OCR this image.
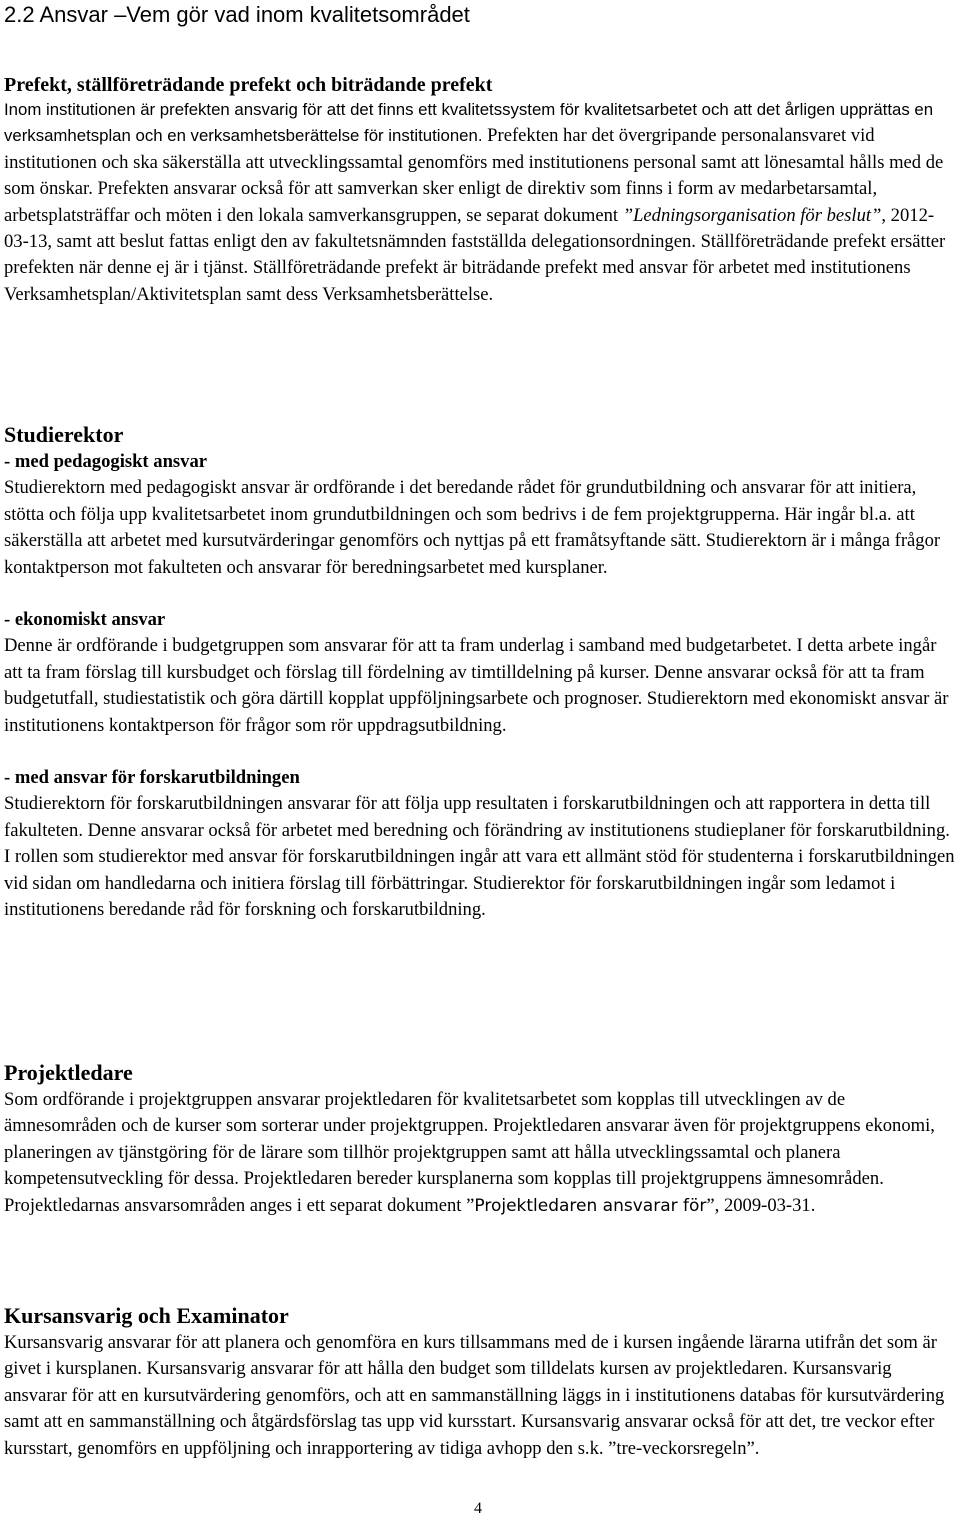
2.2 Ansvar –Vem gör vad inom kvalitetsområdet

Prefekt, ställföreträdande prefekt och biträdande prefekt

Inom institutionen är prefekten ansvarig för att det finns ett kvalitetssystem för kvalitetsarbetet och att det årligen upprättas en verksamhetsplan och en verksamhetsberättelse för institutionen. Prefekten har det övergripande personalansvaret vid institutionen och ska säkerställa att utvecklingssamtal genomförs med institutionens personal samt att lönesamtal hålls med de som önskar. Prefekten ansvarar också för att samverkan sker enligt de direktiv som finns i form av medarbetarsamtal, arbetsplatsträffar och möten i den lokala samverkansgruppen, se separat dokument ”Ledningsorganisation för beslut”, 2012-03-13, samt att beslut fattas enligt den av fakultetsnämnden fastställda delegationsordningen. Ställföreträdande prefekt ersätter prefekten när denne ej är i tjänst. Ställföreträdande prefekt är biträdande prefekt med ansvar för arbetet med institutionens Verksamhetsplan/Aktivitetsplan samt dess Verksamhetsberättelse.

Studierektor

- med pedagogiskt ansvar

Studierektorn med pedagogiskt ansvar är ordförande i det beredande rådet för grundutbildning och ansvarar för att initiera, stötta och följa upp kvalitetsarbetet inom grundutbildningen och som bedrivs i de fem projektgrupperna. Här ingår bl.a. att säkerställa att arbetet med kursutvärderingar genomförs och nyttjas på ett framåtsyftande sätt. Studierektorn är i många frågor kontaktperson mot fakulteten och ansvarar för beredningsarbetet med kursplaner.

- ekonomiskt ansvar

Denne är ordförande i budgetgruppen som ansvarar för att ta fram underlag i samband med budgetarbetet. I detta arbete ingår att ta fram förslag till kursbudget och förslag till fördelning av timtilldelning på kurser. Denne ansvarar också för att ta fram budgetutfall, studiestatistik och göra därtill kopplat uppföljningsarbete och prognoser. Studierektorn med ekonomiskt ansvar är institutionens kontaktperson för frågor som rör uppdragsutbildning.

- med ansvar för forskarutbildningen

Studierektorn för forskarutbildningen ansvarar för att följa upp resultaten i forskarutbildningen och att rapportera in detta till fakulteten. Denne ansvarar också för arbetet med beredning och förändring av institutionens studieplaner för forskarutbildning. I rollen som studierektor med ansvar för forskarutbildningen ingår att vara ett allmänt stöd för studenterna i forskarutbildningen vid sidan om handledarna och initiera förslag till förbättringar. Studierektor för forskarutbildningen ingår som ledamot i institutionens beredande råd för forskning och forskarutbildning.

Projektledare

Som ordförande i projektgruppen ansvarar projektledaren för kvalitetsarbetet som kopplas till utvecklingen av de ämnesområden och de kurser som sorterar under projektgruppen. Projektledaren ansvarar även för projektgruppens ekonomi, planeringen av tjänstgöring för de lärare som tillhör projektgruppen samt att hålla utvecklingssamtal och planera kompetensutveckling för dessa. Projektledaren bereder kursplanerna som kopplas till projektgruppens ämnesområden. Projektledarnas ansvarsområden anges i ett separat dokument ”Projektledaren ansvarar för”, 2009-03-31.

Kursansvarig och Examinator

Kursansvarig ansvarar för att planera och genomföra en kurs tillsammans med de i kursen ingående lärarna utifrån det som är givet i kursplanen. Kursansvarig ansvarar för att hålla den budget som tilldelats kursen av projektledaren. Kursansvarig ansvarar för att en kursutvärdering genomförs, och att en sammanställning läggs in i institutionens databas för kursutvärdering samt att en sammanställning och åtgärdsförslag tas upp vid kursstart. Kursansvarig ansvarar också för att det, tre veckor efter kursstart, genomförs en uppföljning och inrapportering av tidiga avhopp den s.k. ”tre-veckorsregeln”.

4
